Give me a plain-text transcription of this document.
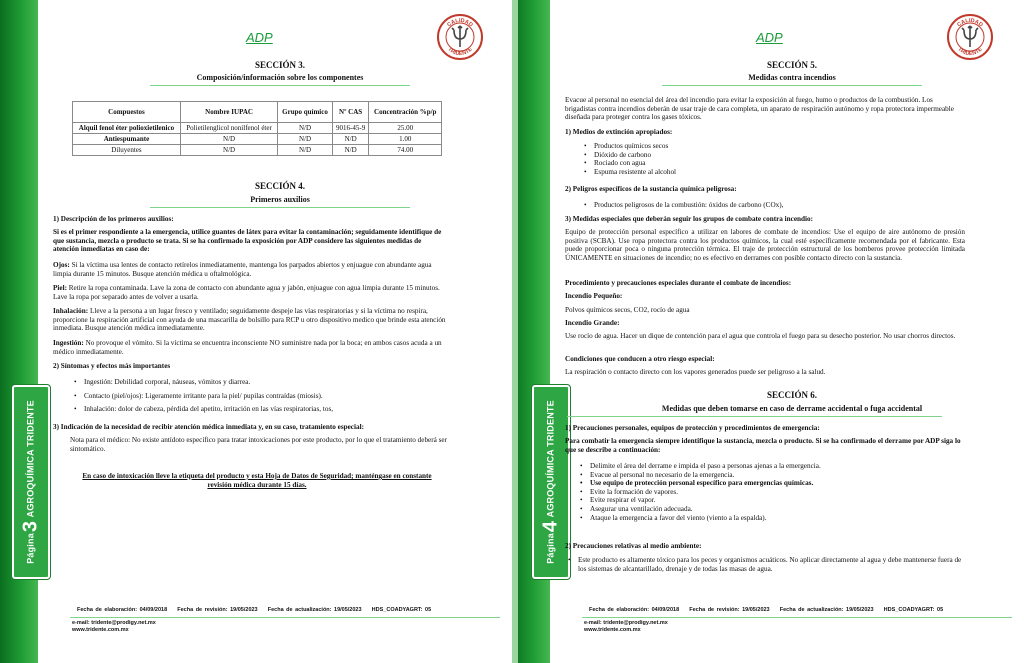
Página3 AGROQUÍMICA TRIDENTE
ADP
CALIDAD
TRIDENTE
SECCIÓN 3.
Composición/información sobre los componentes
Compuestos	Nombre IUPAC	Grupo químico	Nº CAS	Concentración %p/p
Alquil fenol éter polioxietilenico	Polietilenglicol nonilfenol éter	N/D	9016-45-9	25.00
Antiespumante	N/D	N/D	N/D	1.00
Diluyentes	N/D	N/D	N/D	74.00
SECCIÓN 4.
Primeros auxilios
1) Descripción de los primeros auxilios:
Si es el primer respondiente a la emergencia, utilice guantes de látex para evitar la contaminación; seguidamente identifique de que sustancia, mezcla o producto se trata. Si se ha confirmado la exposición por ADP considere las siguientes medidas de atención inmediatas en caso de:
Ojos: Si la víctima usa lentes de contacto retírelos inmediatamente, mantenga los parpados abiertos y enjuague con abundante agua limpia durante 15 minutos. Busque atención médica u oftalmológica.
Piel: Retire la ropa contaminada. Lave la zona de contacto con abundante agua y jabón, enjuague con agua limpia durante 15 minutos. Lave la ropa por separado antes de volver a usarla.
Inhalación: Lleve a la persona a un lugar fresco y ventilado; seguidamente despeje las vías respiratorias y si la víctima no respira, proporcione la respiración artificial con ayuda de una mascarilla de bolsillo para RCP u otro dispositivo medico que brinde esta atención inmediata. Busque atención médica inmediatamente.
Ingestión: No provoque el vómito. Si la víctima se encuentra inconsciente NO suministre nada por la boca; en ambos casos acuda a un médico inmediatamente.
2) Síntomas y efectos más importantes
• Ingestión: Debilidad corporal, náuseas, vómitos y diarrea.
• Contacto (piel/ojos): Ligeramente irritante para la piel/ pupilas contraídas (miosis).
• Inhalación: dolor de cabeza, pérdida del apetito, irritación en las vías respiratorias, tos,
3) Indicación de la necesidad de recibir atención médica inmediata y, en su caso, tratamiento especial:
Nota para el médico: No existe antídoto específico para tratar intoxicaciones por este producto, por lo que el tratamiento deberá ser sintomático.
En caso de intoxicación lleve la etiqueta del producto y esta Hoja de Datos de Seguridad; manténgase en constante revisión médica durante 15 días.
Fecha de elaboración: 04/09/2018 Fecha de revisión: 19/05/2023 Fecha de actualización: 19/05/2023 HDS_COADYAGRT: 05
e-mail: tridente@prodigy.net.mx
www.tridente.com.mx
Página4 AGROQUÍMICA TRIDENTE
ADP
CALIDAD
TRIDENTE
SECCIÓN 5.
Medidas contra incendios
Evacue al personal no esencial del área del incendio para evitar la exposición al fuego, humo o productos de la combustión. Los brigadistas contra incendios deberán de usar traje de cara completa, un aparato de respiración autónomo y ropa protectora impermeable diseñada para proteger contra los gases tóxicos.
1) Medios de extinción apropiados:
• Productos químicos secos
• Dióxido de carbono
• Rociado con agua
• Espuma resistente al alcohol
2) Peligros específicos de la sustancia química peligrosa:
• Productos peligrosos de la combustión: óxidos de carbono (COx),
3) Medidas especiales que deberán seguir los grupos de combate contra incendio:
Equipo de protección personal específico a utilizar en labores de combate de incendios: Use el equipo de aire autónomo de presión positiva (SCBA). Use ropa protectora contra los productos químicos, la cual esté específicamente recomendada por el fabricante. Esta puede proporcionar poca o ninguna protección térmica. El traje de protección estructural de los bomberos provee protección limitada ÚNICAMENTE en situaciones de incendio; no es efectivo en derrames con posible contacto directo con la sustancia.
Procedimiento y precauciones especiales durante el combate de incendios:
Incendio Pequeño:
Polvos químicos secos, CO2, rocío de agua
Incendio Grande:
Use rocío de agua. Hacer un dique de contención para el agua que controla el fuego para su desecho posterior. No usar chorros directos.
Condiciones que conducen a otro riesgo especial:
La respiración o contacto directo con los vapores generados puede ser peligroso a la salud.
SECCIÓN 6.
Medidas que deben tomarse en caso de derrame accidental o fuga accidental
1) Precauciones personales, equipos de protección y procedimientos de emergencia:
Para combatir la emergencia siempre identifique la sustancia, mezcla o producto. Si se ha confirmado el derrame por ADP siga lo que se describe a continuación:
• Delimite el área del derrame e impida el paso a personas ajenas a la emergencia.
• Evacue al personal no necesario de la emergencia.
• Use equipo de protección personal específico para emergencias químicas.
• Evite la formación de vapores.
• Evite respirar el vapor.
• Asegurar una ventilación adecuada.
• Ataque la emergencia a favor del viento (viento a la espalda).
2) Precauciones relativas al medio ambiente:
• Este producto es altamente tóxico para los peces y organismos acuáticos. No aplicar directamente al agua y debe mantenerse fuera de los sistemas de alcantarillado, drenaje y de todas las masas de agua.
Fecha de elaboración: 04/09/2018 Fecha de revisión: 19/05/2023 Fecha de actualización: 19/05/2023 HDS_COADYAGRT: 05
e-mail: tridente@prodigy.net.mx
www.tridente.com.mx
